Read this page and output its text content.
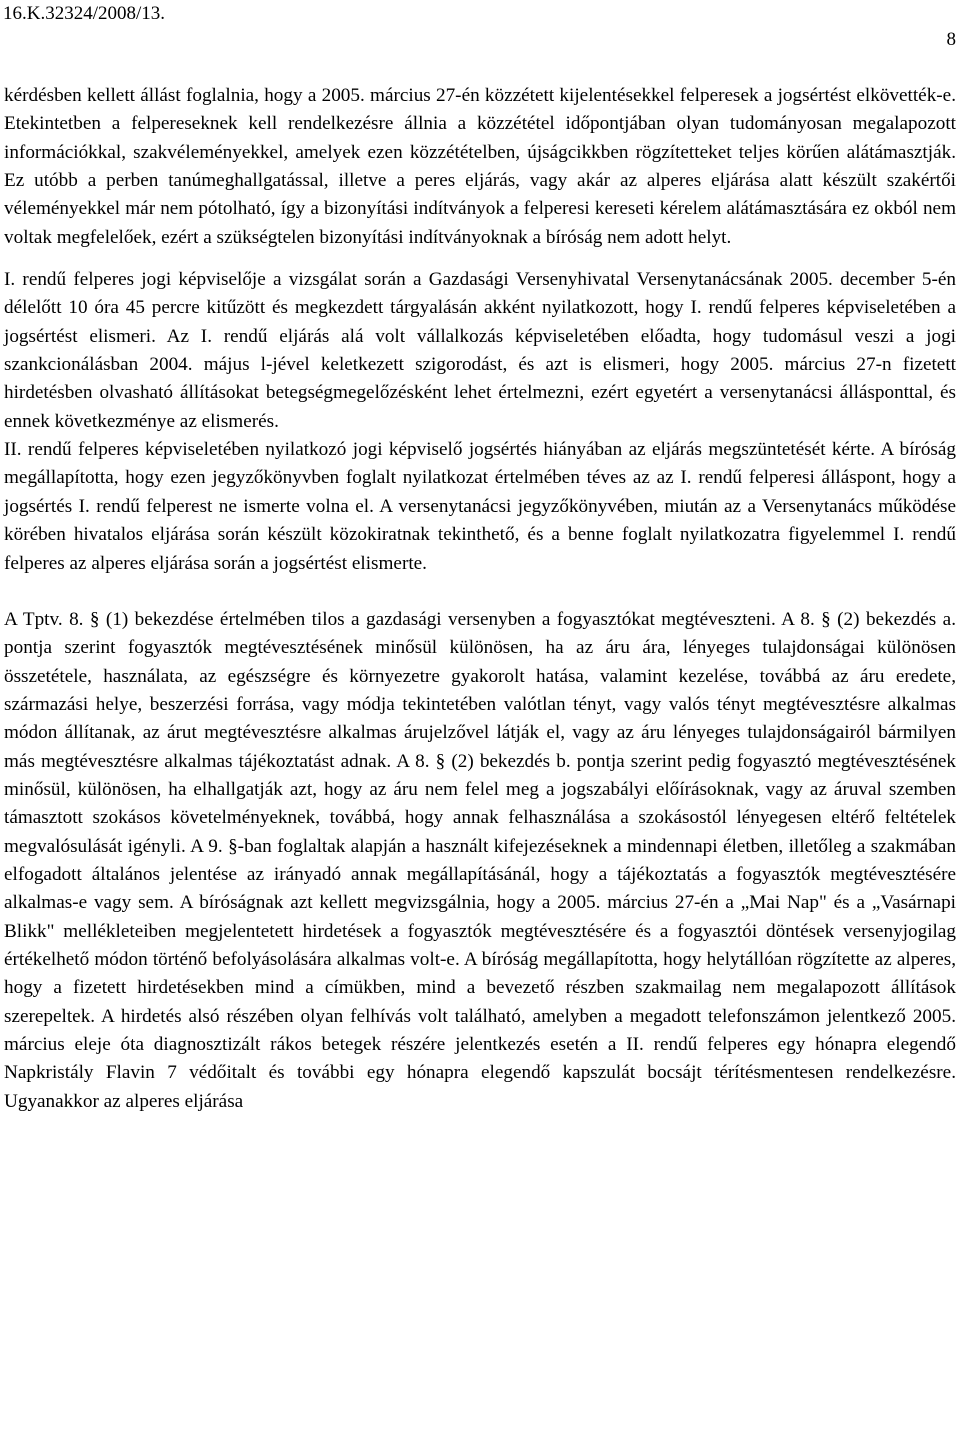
16.K.32324/2008/13.
8

kérdésben kellett állást foglalnia, hogy a 2005. március 27-én közzétett kijelentésekkel felperesek a jogsértést elkövették-e. Etekintetben a felpereseknek kell rendelkezésre állnia a közzététel időpontjában olyan tudományosan megalapozott információkkal, szakvéleményekkel, amelyek ezen közzétételben, újságcikkben rögzítetteket teljes körűen alátámasztják. Ez utóbb a perben tanúmeghallgatással, illetve a peres eljárás, vagy akár az alperes eljárása alatt készült szakértői véleményekkel már nem pótolható, így a bizonyítási indítványok a felperesi kereseti kérelem alátámasztására ez okból nem voltak megfelelőek, ezért a szükségtelen bizonyítási indítványoknak a bíróság nem adott helyt.

I. rendű felperes jogi képviselője a vizsgálat során a Gazdasági Versenyhivatal Versenytanácsának 2005. december 5-én délelőtt 10 óra 45 percre kitűzött és megkezdett tárgyalásán akként nyilatkozott, hogy I. rendű felperes képviseletében a jogsértést elismeri. Az I. rendű eljárás alá volt vállalkozás képviseletében előadta, hogy tudomásul veszi a jogi szankcionálásban 2004. május l-jével keletkezett szigorodást, és azt is elismeri, hogy 2005. március 27-n fizetett hirdetésben olvasható állításokat betegségmegelőzésként lehet értelmezni, ezért egyetért a versenytanácsi állásponttal, és ennek következménye az elismerés.

II. rendű felperes képviseletében nyilatkozó jogi képviselő jogsértés hiányában az eljárás megszüntetését kérte. A bíróság megállapította, hogy ezen jegyzőkönyvben foglalt nyilatkozat értelmében téves az az I. rendű felperesi álláspont, hogy a jogsértés I. rendű felperest ne ismerte volna el. A versenytanácsi jegyzőkönyvében, miután az a Versenytanács működése körében hivatalos eljárása során készült közokiratnak tekinthető, és a benne foglalt nyilatkozatra figyelemmel I. rendű felperes az alperes eljárása során a jogsértést elismerte.

A Tptv. 8. § (1) bekezdése értelmében tilos a gazdasági versenyben a fogyasztókat megtéveszteni. A 8. § (2) bekezdés a. pontja szerint fogyasztók megtévesztésének minősül különösen, ha az áru ára, lényeges tulajdonságai különösen összetétele, használata, az egészségre és környezetre gyakorolt hatása, valamint kezelése, továbbá az áru eredete, származási helye, beszerzési forrása, vagy módja tekintetében valótlan tényt, vagy valós tényt megtévesztésre alkalmas módon állítanak, az árut megtévesztésre alkalmas árujelzővel látják el, vagy az áru lényeges tulajdonságairól bármilyen más megtévesztésre alkalmas tájékoztatást adnak. A 8. § (2) bekezdés b. pontja szerint pedig fogyasztó megtévesztésének minősül, különösen, ha elhallgatják azt, hogy az áru nem felel meg a jogszabályi előírásoknak, vagy az áruval szemben támasztott szokásos követelményeknek, továbbá, hogy annak felhasználása a szokásostól lényegesen eltérő feltételek megvalósulását igényli. A 9. §-ban foglaltak alapján a használt kifejezéseknek a mindennapi életben, illetőleg a szakmában elfogadott általános jelentése az irányadó annak megállapításánál, hogy a tájékoztatás a fogyasztók megtévesztésére alkalmas-e vagy sem. A bíróságnak azt kellett megvizsgálnia, hogy a 2005. március 27-én a „Mai Nap" és a „Vasárnapi Blikk" mellékleteiben megjelentetett hirdetések a fogyasztók megtévesztésére és a fogyasztói döntések versenyjogilag értékelhető módon történő befolyásolására alkalmas volt-e. A bíróság megállapította, hogy helytállóan rögzítette az alperes, hogy a fizetett hirdetésekben mind a címükben, mind a bevezető részben szakmailag nem megalapozott állítások szerepeltek. A hirdetés alsó részében olyan felhívás volt található, amelyben a megadott telefonszámon jelentkező 2005. március eleje óta diagnosztizált rákos betegek részére jelentkezés esetén a II. rendű felperes egy hónapra elegendő Napkristály Flavin 7 védőitalt és további egy hónapra elegendő kapszulát bocsájt térítésmentesen rendelkezésre. Ugyanakkor az alperes eljárása
